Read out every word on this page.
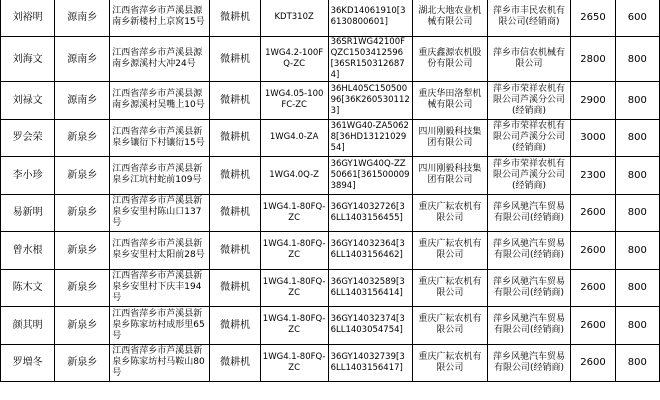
刘裕明	源南乡	江西省萍乡市芦溪县源南乡新楼村上京窝15号	微耕机	KDT310Z	36KD14061910[36130800601]	湖北大地农业机械有限公司	萍乡市丰民农机有限公司(经销商)	2650	600
刘海文	源南乡	江西省萍乡市芦溪县源南乡源溪村大冲24号	微耕机	1WG4.2-100FQ-ZC	36SR1WG42100FQZC1503412596[36SR1503126874]	重庆鑫源农机股份有限公司	萍乡市信农机械有限公司	2800	800
刘禄文	源南乡	江西省萍乡市芦溪县源南乡源溪村吴嘴上10号	微耕机	1WG4.05-100FC-ZC	36HL405C15050096[36K2605301123]	重庆华田洛犁机械有限公司	萍乡市荣祥农机有限公司芦溪分公司(经销商)	2900	800
罗会荣	新泉乡	江西省萍乡市芦溪县新泉乡镶衍下村镶衍15号	微耕机	1WG4.0-ZA	361WG40-ZA50628[36HD1312102954]	四川刚毅科技集团有限公司	萍乡市荣祥农机有限公司芦溪分公司(经销商)	3000	800
李小珍	新泉乡	江西省萍乡市芦溪县新泉乡江坑村蛇前109号	微耕机	1WG4.0Q-Z	36GY1WG40Q-ZZ50661[3615000093894]	四川刚毅科技集团有限公司	萍乡市荣祥农机有限公司芦溪分公司(经销商)	2300	800
易新明	新泉乡	江西省萍乡市芦溪县新泉乡安里村陈山口137号	微耕机	1WG4.1-80FQ-ZC	36GY14032726[36LL1403156455]	重庆广耘农机有限公司	萍乡风驰汽车贸易有限公司(经销商)	2600	800
曾水根	新泉乡	江西省萍乡市芦溪县新泉乡安里村太阳前28号	微耕机	1WG4.1-80FQ-ZC	36GY14032364[36LL1403156462]	重庆广耘农机有限公司	萍乡风驰汽车贸易有限公司(经销商)	2600	800
陈木文	新泉乡	江西省萍乡市芦溪县新泉乡安里村下庆丰194号	微耕机	1WG4.1-80FQ-ZC	36GY14032589[36LL1403156414]	重庆广耘农机有限公司	萍乡风驰汽车贸易有限公司(经销商)	2600	800
颜其明	新泉乡	江西省萍乡市芦溪县新泉乡陈家坊村成形里65号	微耕机	1WG4.1-80FQ-ZC	36GY14032374[36LL1403054754]	重庆广耘农机有限公司	萍乡风驰汽车贸易有限公司(经销商)	2600	800
罗増冬	新泉乡	江西省萍乡市芦溪县新泉乡陈家坊村马鞍山80号	微耕机	1WG4.1-80FQ-ZC	36GY14032739[36LL1403156417]	重庆广耘农机有限公司	萍乡风驰汽车贸易有限公司(经销商)	2600	800
